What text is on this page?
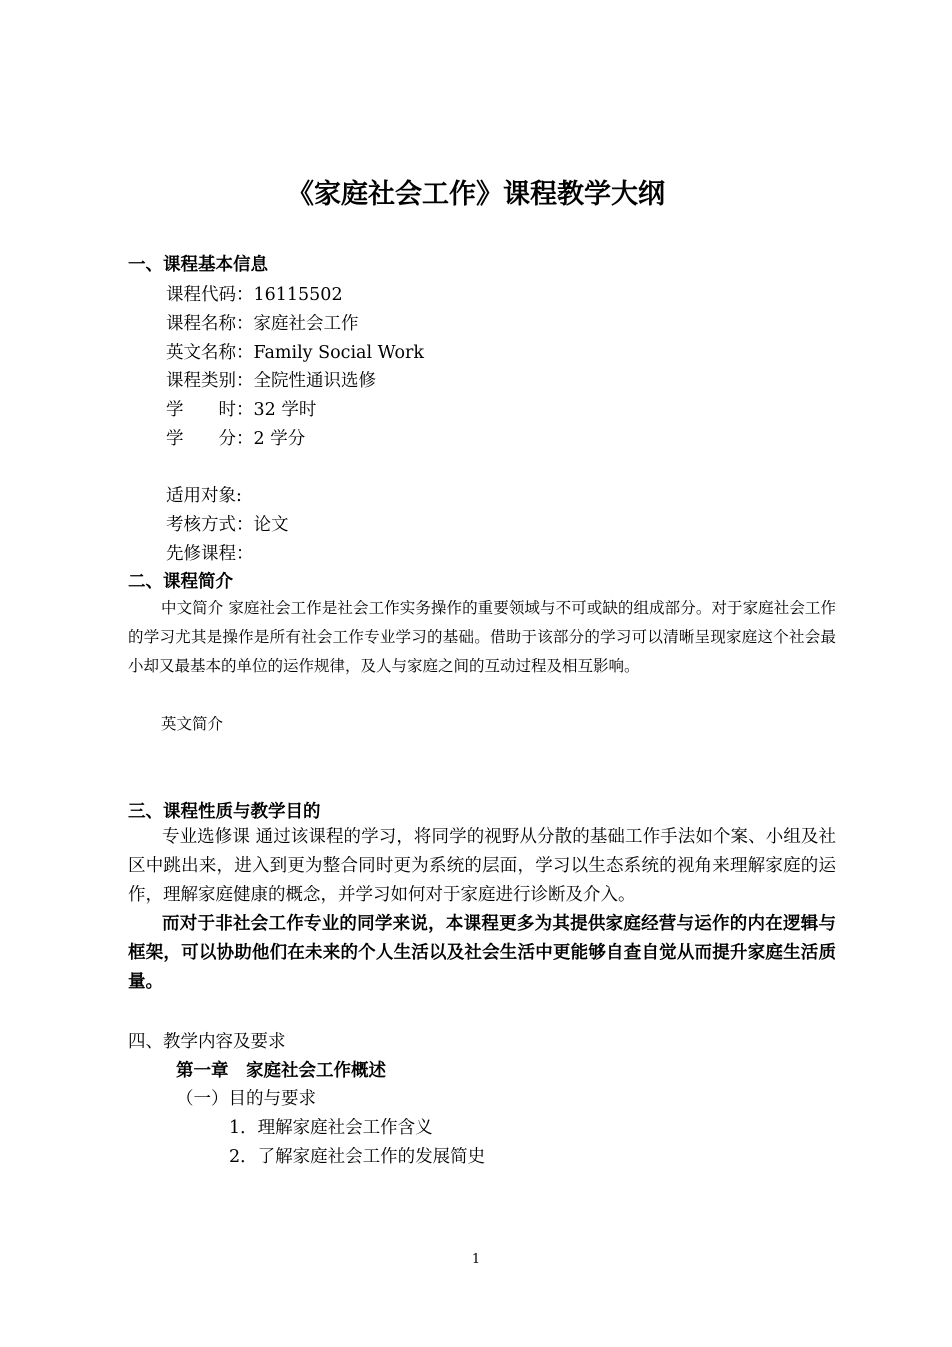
《家庭社会工作》课程教学大纲
一、课程基本信息
课程代码：16115502
课程名称：家庭社会工作
英文名称：Family Social Work
课程类别：全院性通识选修
学　　时：32 学时
学　　分：2 学分
适用对象:
考核方式：论文
先修课程：
二、课程简介
中文简介 家庭社会工作是社会工作实务操作的重要领域与不可或缺的组成部分。对于家庭社会工作的学习尤其是操作是所有社会工作专业学习的基础。借助于该部分的学习可以清晰呈现家庭这个社会最小却又最基本的单位的运作规律，及人与家庭之间的互动过程及相互影响。
英文简介
三、课程性质与教学目的
专业选修课 通过该课程的学习，将同学的视野从分散的基础工作手法如个案、小组及社区中跳出来，进入到更为整合同时更为系统的层面，学习以生态系统的视角来理解家庭的运作，理解家庭健康的概念，并学习如何对于家庭进行诊断及介入。
而对于非社会工作专业的同学来说，本课程更多为其提供家庭经营与运作的内在逻辑与框架，可以协助他们在未来的个人生活以及社会生活中更能够自查自觉从而提升家庭生活质量。
四、教学内容及要求
第一章　家庭社会工作概述
（一）目的与要求
1．理解家庭社会工作含义
2．了解家庭社会工作的发展简史
1
